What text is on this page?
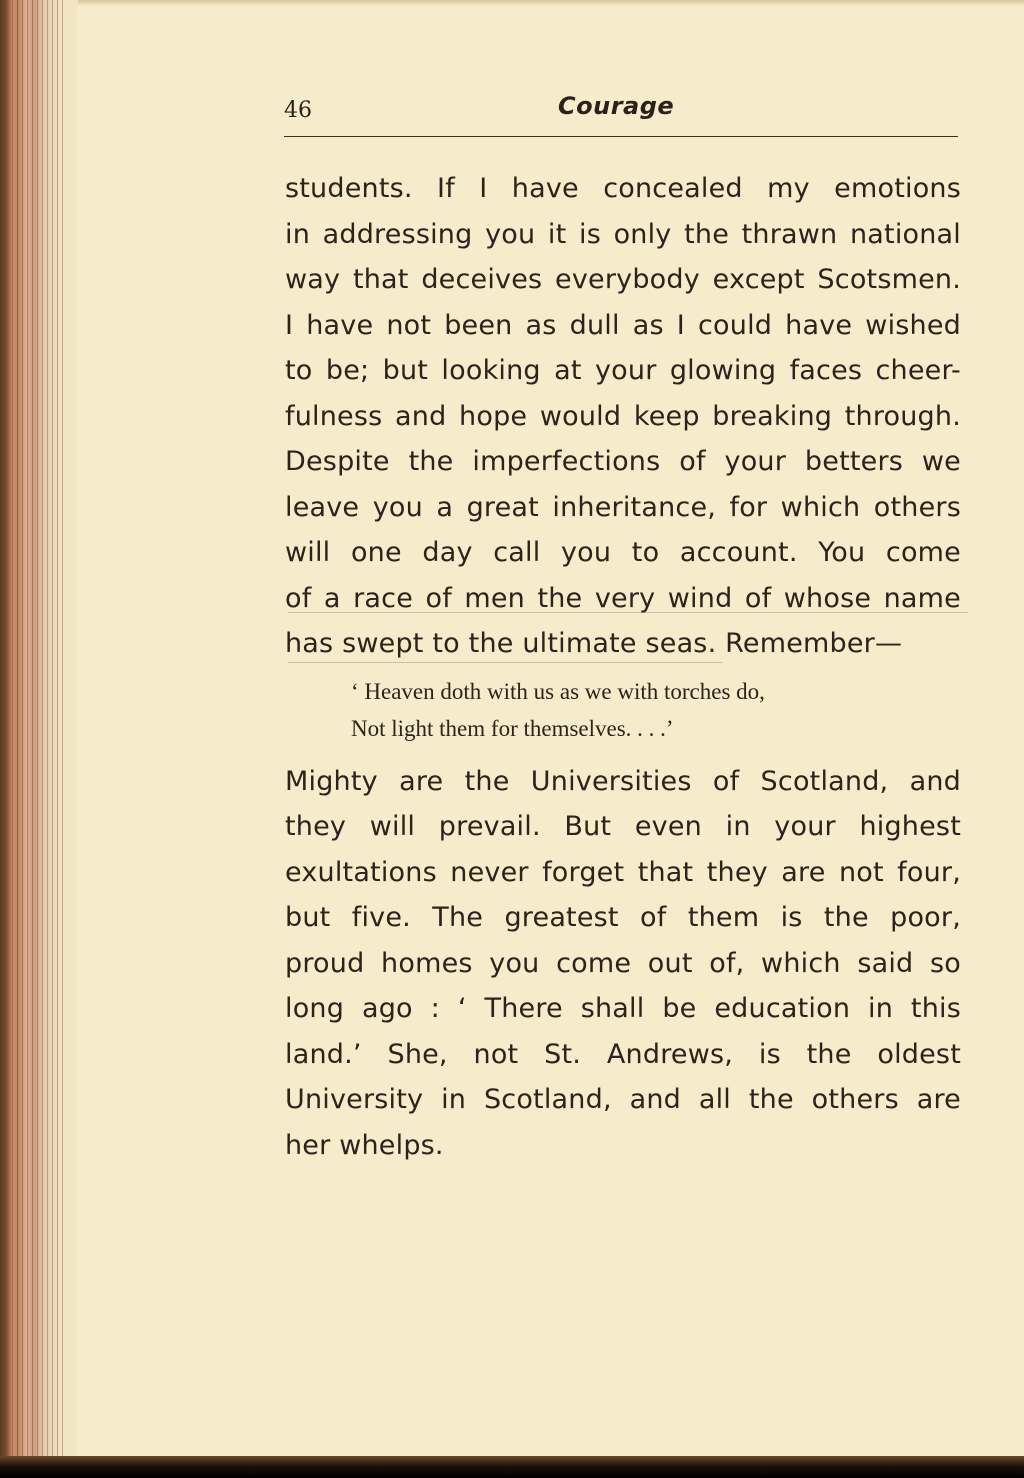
46	Courage
students. If I have concealed my emotions
in addressing you it is only the thrawn national
way that deceives everybody except Scotsmen.
I have not been as dull as I could have wished
to be; but looking at your glowing faces cheer-
fulness and hope would keep breaking through.
Despite the imperfections of your betters we
leave you a great inheritance, for which others
will one day call you to account. You come
of a race of men the very wind of whose name
has swept to the ultimate seas. Remember—
‘ Heaven doth with us as we with torches do,
Not light them for themselves. . . .’
Mighty are the Universities of Scotland, and
they will prevail. But even in your highest
exultations never forget that they are not four,
but five. The greatest of them is the poor,
proud homes you come out of, which said so
long ago : ‘ There shall be education in this
land.’ She, not St. Andrews, is the oldest
University in Scotland, and all the others are
her whelps.
